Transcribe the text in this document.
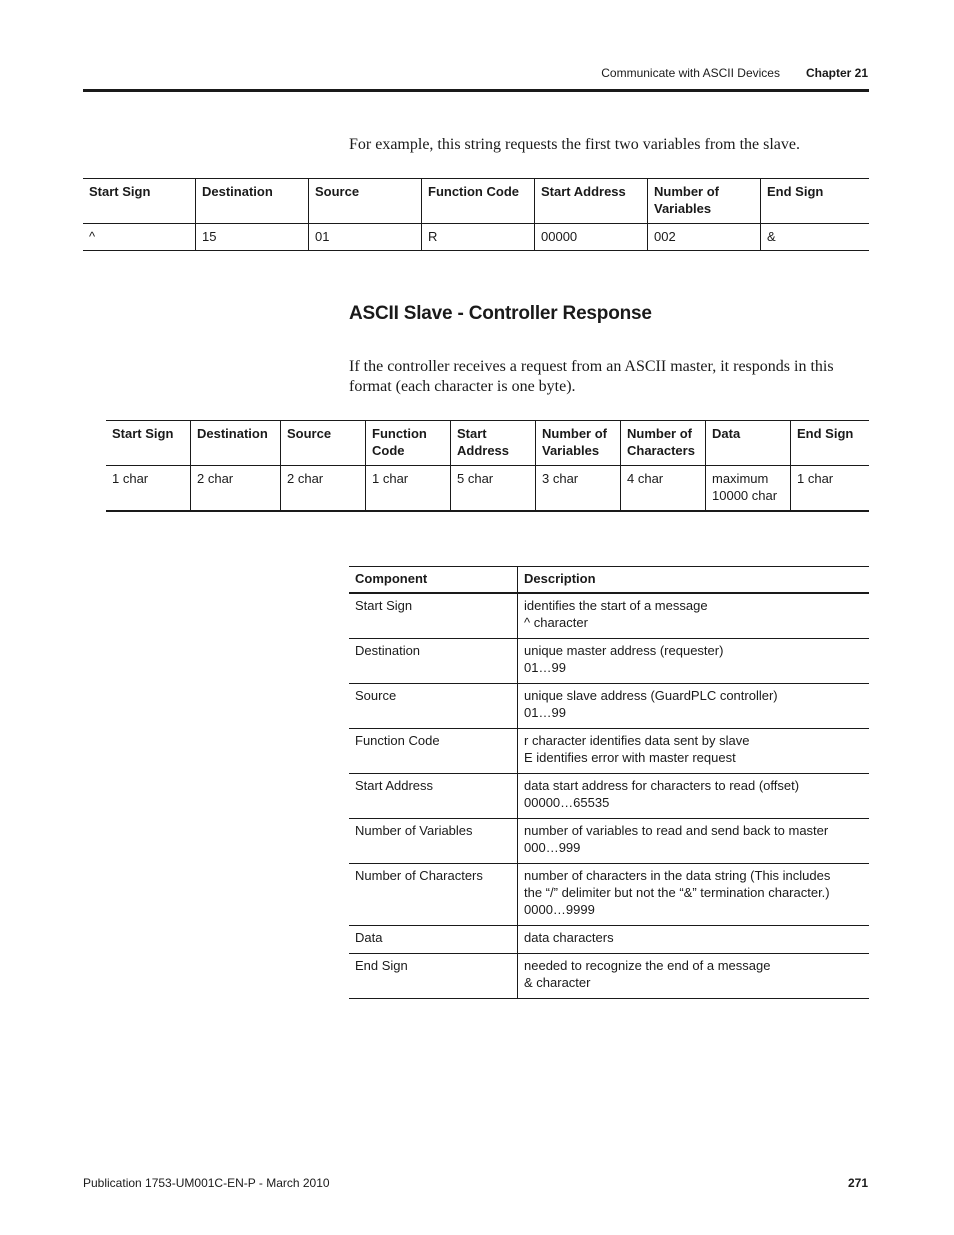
Communicate with ASCII Devices Chapter 21

For example, this string requests the first two variables from the slave.

Start Sign	Destination	Source	Function Code	Start Address	Number of Variables	End Sign
^	15	01	R	00000	002	&
ASCII Slave - Controller Response

If the controller receives a request from an ASCII master, it responds in this format (each character is one byte).

Start Sign	Destination	Source	Function Code	Start Address	Number of Variables	Number of Characters	Data	End Sign
1 char	2 char	2 char	1 char	5 char	3 char	4 char	maximum 10000 char	1 char
Component	Description
Start Sign	identifies the start of a message
^ character
Destination	unique master address (requester)
01…99
Source	unique slave address (GuardPLC controller)
01…99
Function Code	r character identifies data sent by slave
E identifies error with master request
Start Address	data start address for characters to read (offset)
00000…65535
Number of Variables	number of variables to read and send back to master
000…999
Number of Characters	number of characters in the data string (This includes
the “/” delimiter but not the “&” termination character.)
0000…9999
Data	data characters
End Sign	needed to recognize the end of a message
& character
Publication 1753-UM001C-EN-P - March 2010	271
